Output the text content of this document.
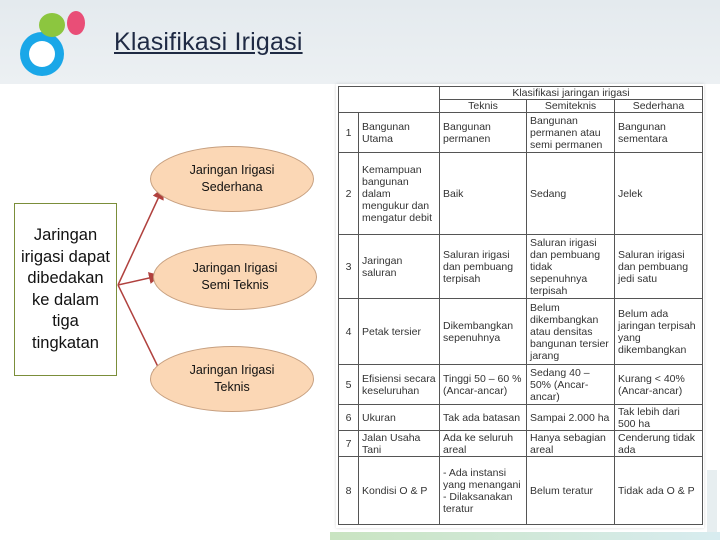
Klasifikasi Irigasi
Jaringan irigasi dapat dibedakan ke dalam tiga tingkatan
Jaringan Irigasi
Sederhana
Jaringan Irigasi
Semi Teknis
Jaringan Irigasi
Teknis
		Klasifikasi jaringan irigasi		
		Teknis	Semiteknis	Sederhana
1	Bangunan Utama	Bangunan permanen	Bangunan permanen atau semi permanen	Bangunan sementara
2	Kemampuan bangunan dalam mengukur dan mengatur debit	Baik	Sedang	Jelek
3	Jaringan saluran	Saluran irigasi dan pembuang terpisah	Saluran irigasi dan pembuang tidak sepenuhnya terpisah	Saluran irigasi dan pembuang jedi satu
4	Petak tersier	Dikembangkan sepenuhnya	Belum dikembangkan atau densitas bangunan tersier jarang	Belum ada jaringan terpisah yang dikembangkan
5	Efisiensi secara keseluruhan	Tinggi 50 – 60 % (Ancar-ancar)	Sedang 40 – 50% (Ancar-ancar)	Kurang < 40% (Ancar-ancar)
6	Ukuran	Tak ada batasan	Sampai 2.000 ha	Tak lebih dari 500 ha
7	Jalan Usaha Tani	Ada ke seluruh areal	Hanya sebagian areal	Cenderung tidak ada
8	Kondisi O & P	- Ada instansi yang menangani - Dilaksanakan teratur	Belum teratur	Tidak ada O & P
